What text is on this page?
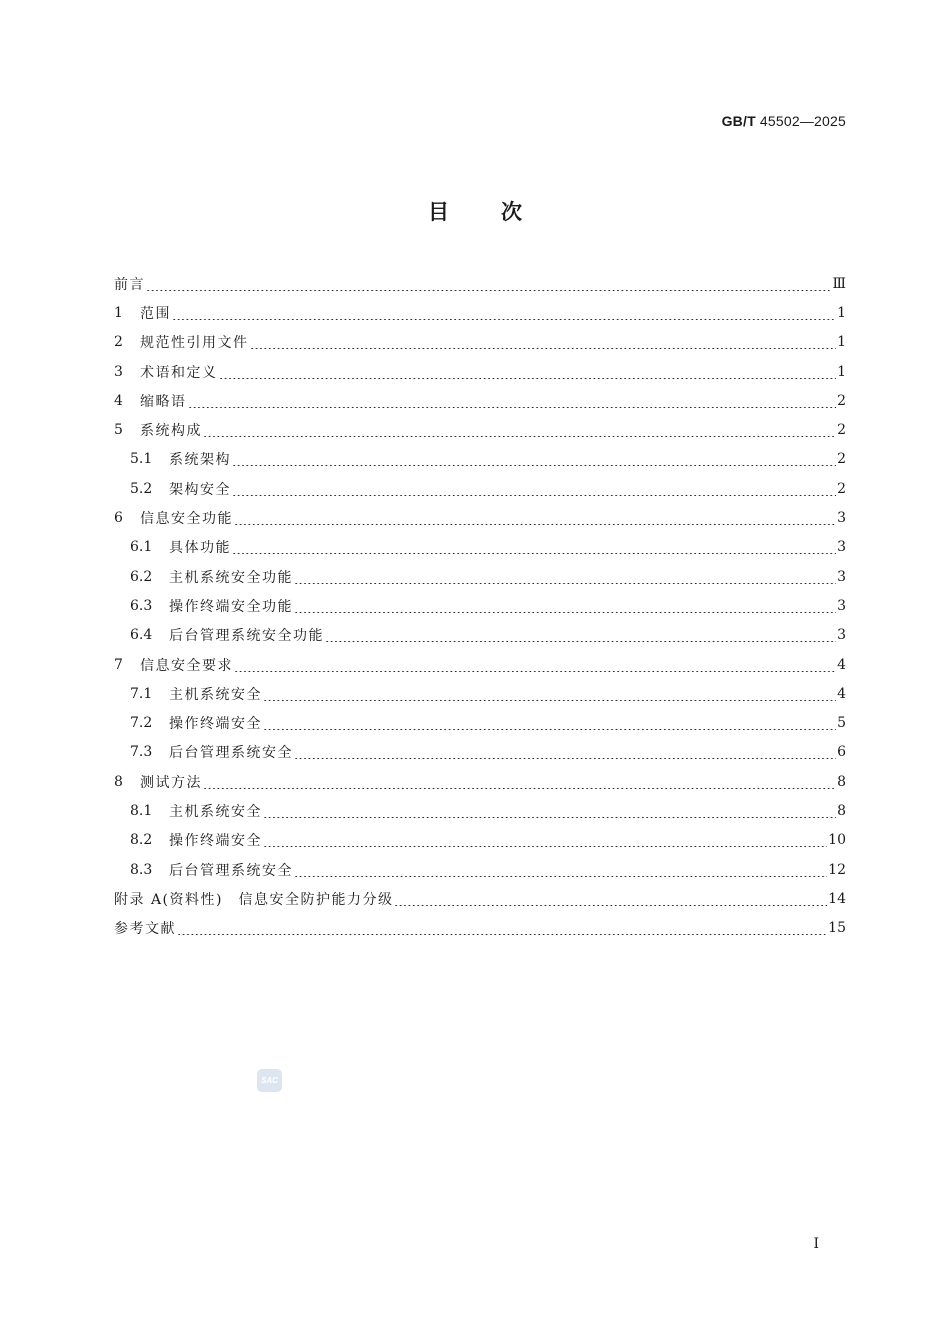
GB/T 45502—2025
目 次
前言	Ⅲ
1	范围	1
2	规范性引用文件	1
3	术语和定义	1
4	缩略语	2
5	系统构成	2
5.1	系统架构	2
5.2	架构安全	2
6	信息安全功能	3
6.1	具体功能	3
6.2	主机系统安全功能	3
6.3	操作终端安全功能	3
6.4	后台管理系统安全功能	3
7	信息安全要求	4
7.1	主机系统安全	4
7.2	操作终端安全	5
7.3	后台管理系统安全	6
8	测试方法	8
8.1	主机系统安全	8
8.2	操作终端安全	10
8.3	后台管理系统安全	12
附录 A(资料性)　信息安全防护能力分级	14
参考文献	15
SAC
Ⅰ
